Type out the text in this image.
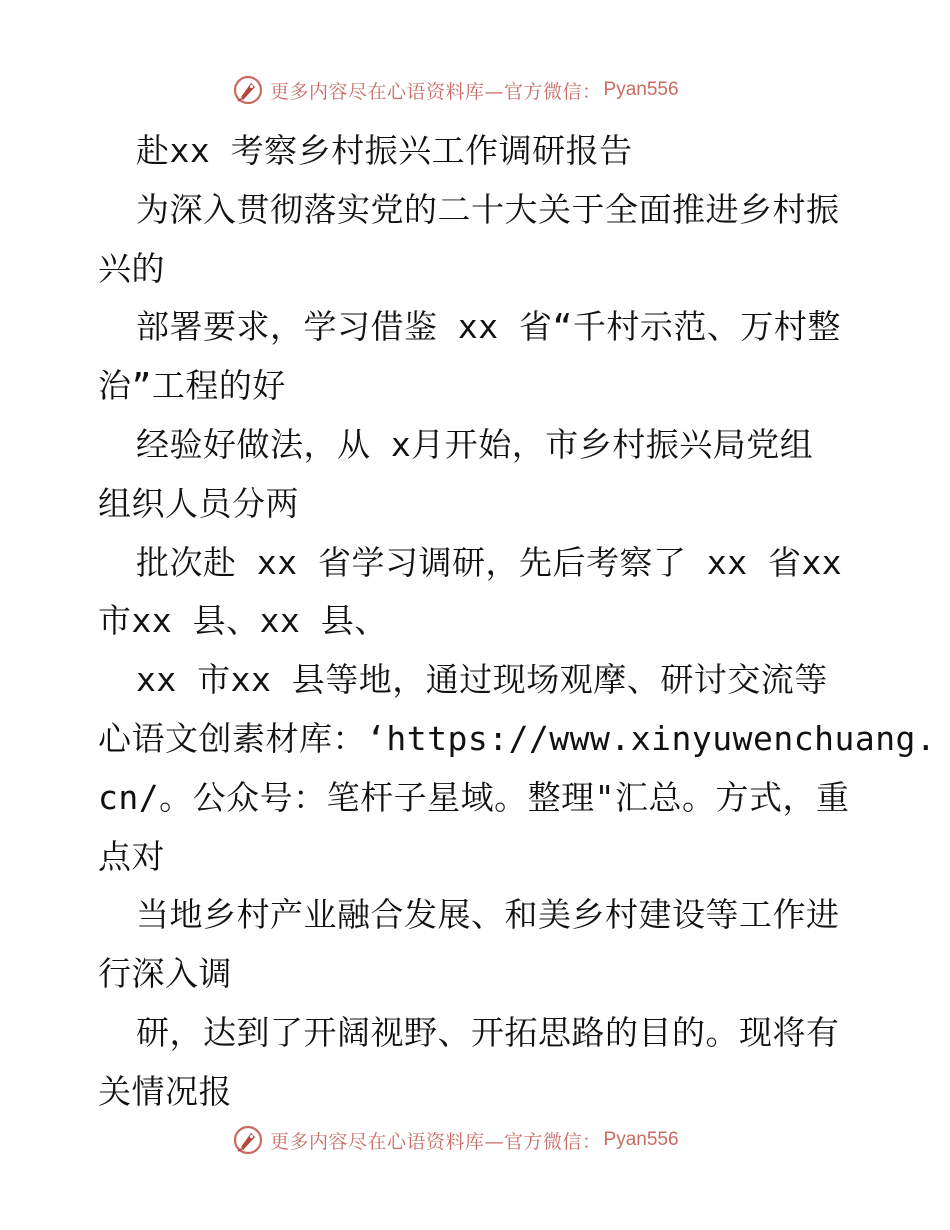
更多内容尽在心语资料库—官方微信： Pyan556
赴xx 考察乡村振兴工作调研报告
为深入贯彻落实党的二十大关于全面推进乡村振
兴的
部署要求，学习借鉴 xx 省“千村示范、万村整
治”工程的好
经验好做法，从 x月开始，市乡村振兴局党组
组织人员分两
批次赴 xx 省学习调研，先后考察了 xx 省xx
市xx 县、xx 县、
xx 市xx 县等地，通过现场观摩、研讨交流等
心语文创素材库：‘https://www.xinyuwenchuang.
cn/。公众号：笔杆子星域。整理"汇总。方式，重
点对
当地乡村产业融合发展、和美乡村建设等工作进
行深入调
研，达到了开阔视野、开拓思路的目的。现将有
关情况报
更多内容尽在心语资料库—官方微信： Pyan556
